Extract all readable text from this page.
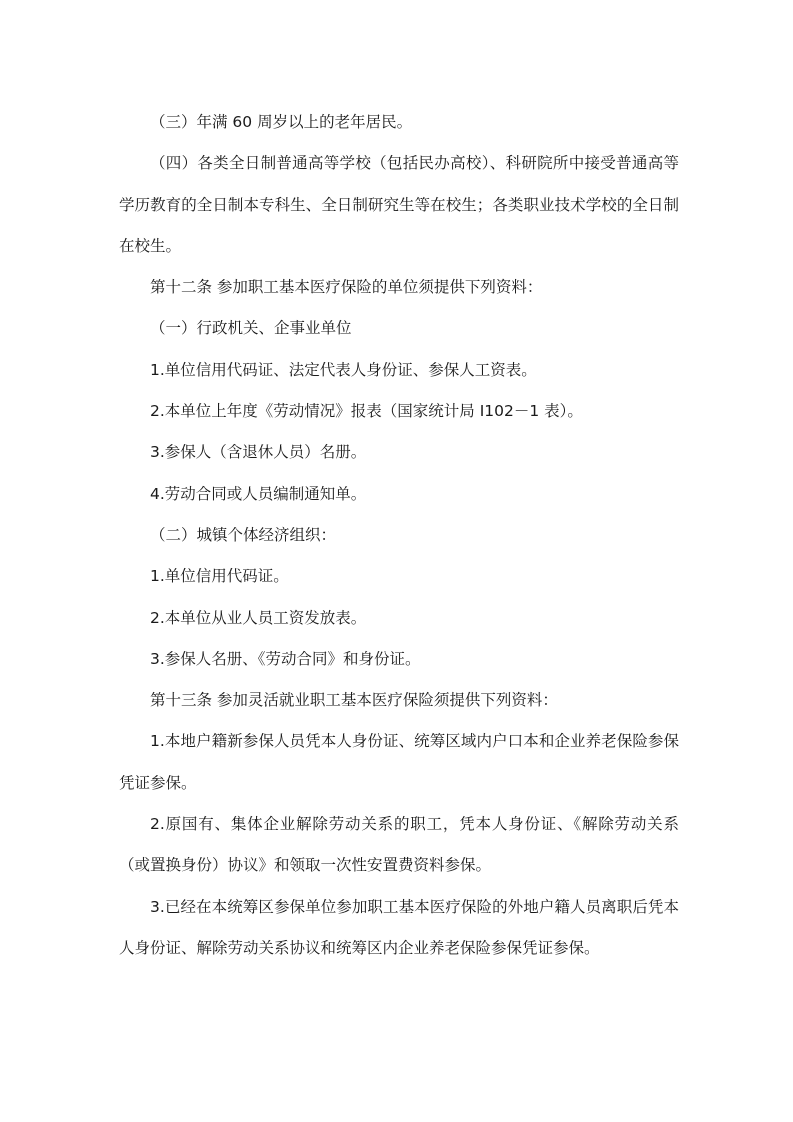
（三）年满 60 周岁以上的老年居民。

（四）各类全日制普通高等学校（包括民办高校）、科研院所中接受普通高等学历教育的全日制本专科生、全日制研究生等在校生；各类职业技术学校的全日制在校生。

第十二条 参加职工基本医疗保险的单位须提供下列资料：

（一）行政机关、企事业单位

1.单位信用代码证、法定代表人身份证、参保人工资表。

2.本单位上年度《劳动情况》报表（国家统计局 I102－1 表）。

3.参保人（含退休人员）名册。

4.劳动合同或人员编制通知单。

（二）城镇个体经济组织：

1.单位信用代码证。

2.本单位从业人员工资发放表。

3.参保人名册、《劳动合同》和身份证。

第十三条 参加灵活就业职工基本医疗保险须提供下列资料：

1.本地户籍新参保人员凭本人身份证、统筹区域内户口本和企业养老保险参保凭证参保。

2.原国有、集体企业解除劳动关系的职工，凭本人身份证、《解除劳动关系（或置换身份）协议》和领取一次性安置费资料参保。

3.已经在本统筹区参保单位参加职工基本医疗保险的外地户籍人员离职后凭本人身份证、解除劳动关系协议和统筹区内企业养老保险参保凭证参保。
